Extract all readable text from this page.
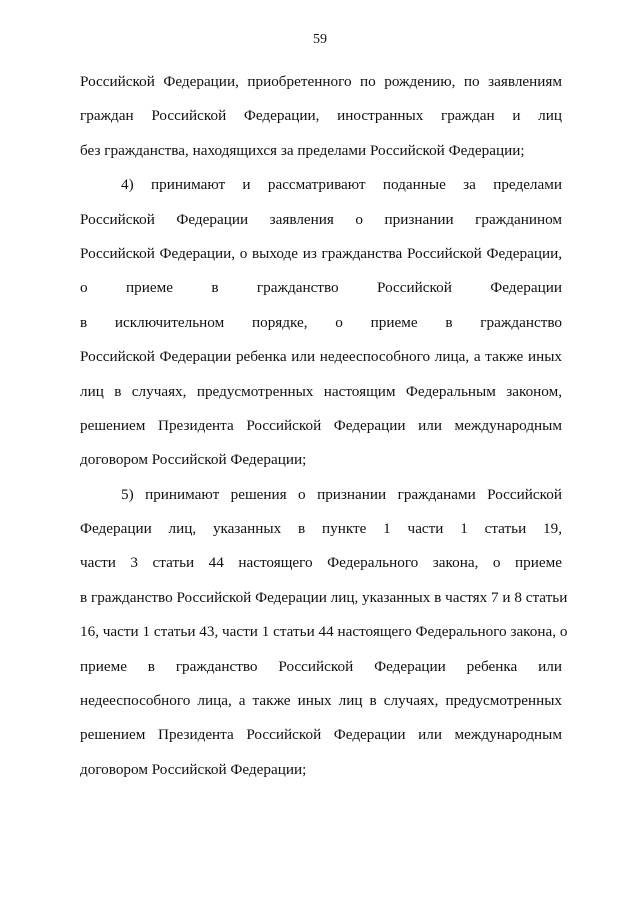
59
Российской Федерации, приобретенного по рождению, по заявлениям
граждан Российской Федерации, иностранных граждан и лиц
без гражданства, находящихся за пределами Российской Федерации;
4) принимают и рассматривают поданные за пределами
Российской Федерации заявления о признании гражданином
Российской Федерации, о выходе из гражданства Российской Федерации,
о приеме в гражданство Российской Федерации
в исключительном порядке, о приеме в гражданство
Российской Федерации ребенка или недееспособного лица, а также иных
лиц в случаях, предусмотренных настоящим Федеральным законом,
решением Президента Российской Федерации или международным
договором Российской Федерации;
5) принимают решения о признании гражданами Российской
Федерации лиц, указанных в пункте 1 части 1 статьи 19,
части 3 статьи 44 настоящего Федерального закона, о приеме
в гражданство Российской Федерации лиц, указанных в частях 7 и 8 статьи
16, части 1 статьи 43, части 1 статьи 44 настоящего Федерального закона, о
приеме в гражданство Российской Федерации ребенка или
недееспособного лица, а также иных лиц в случаях, предусмотренных
решением Президента Российской Федерации или международным
договором Российской Федерации;
